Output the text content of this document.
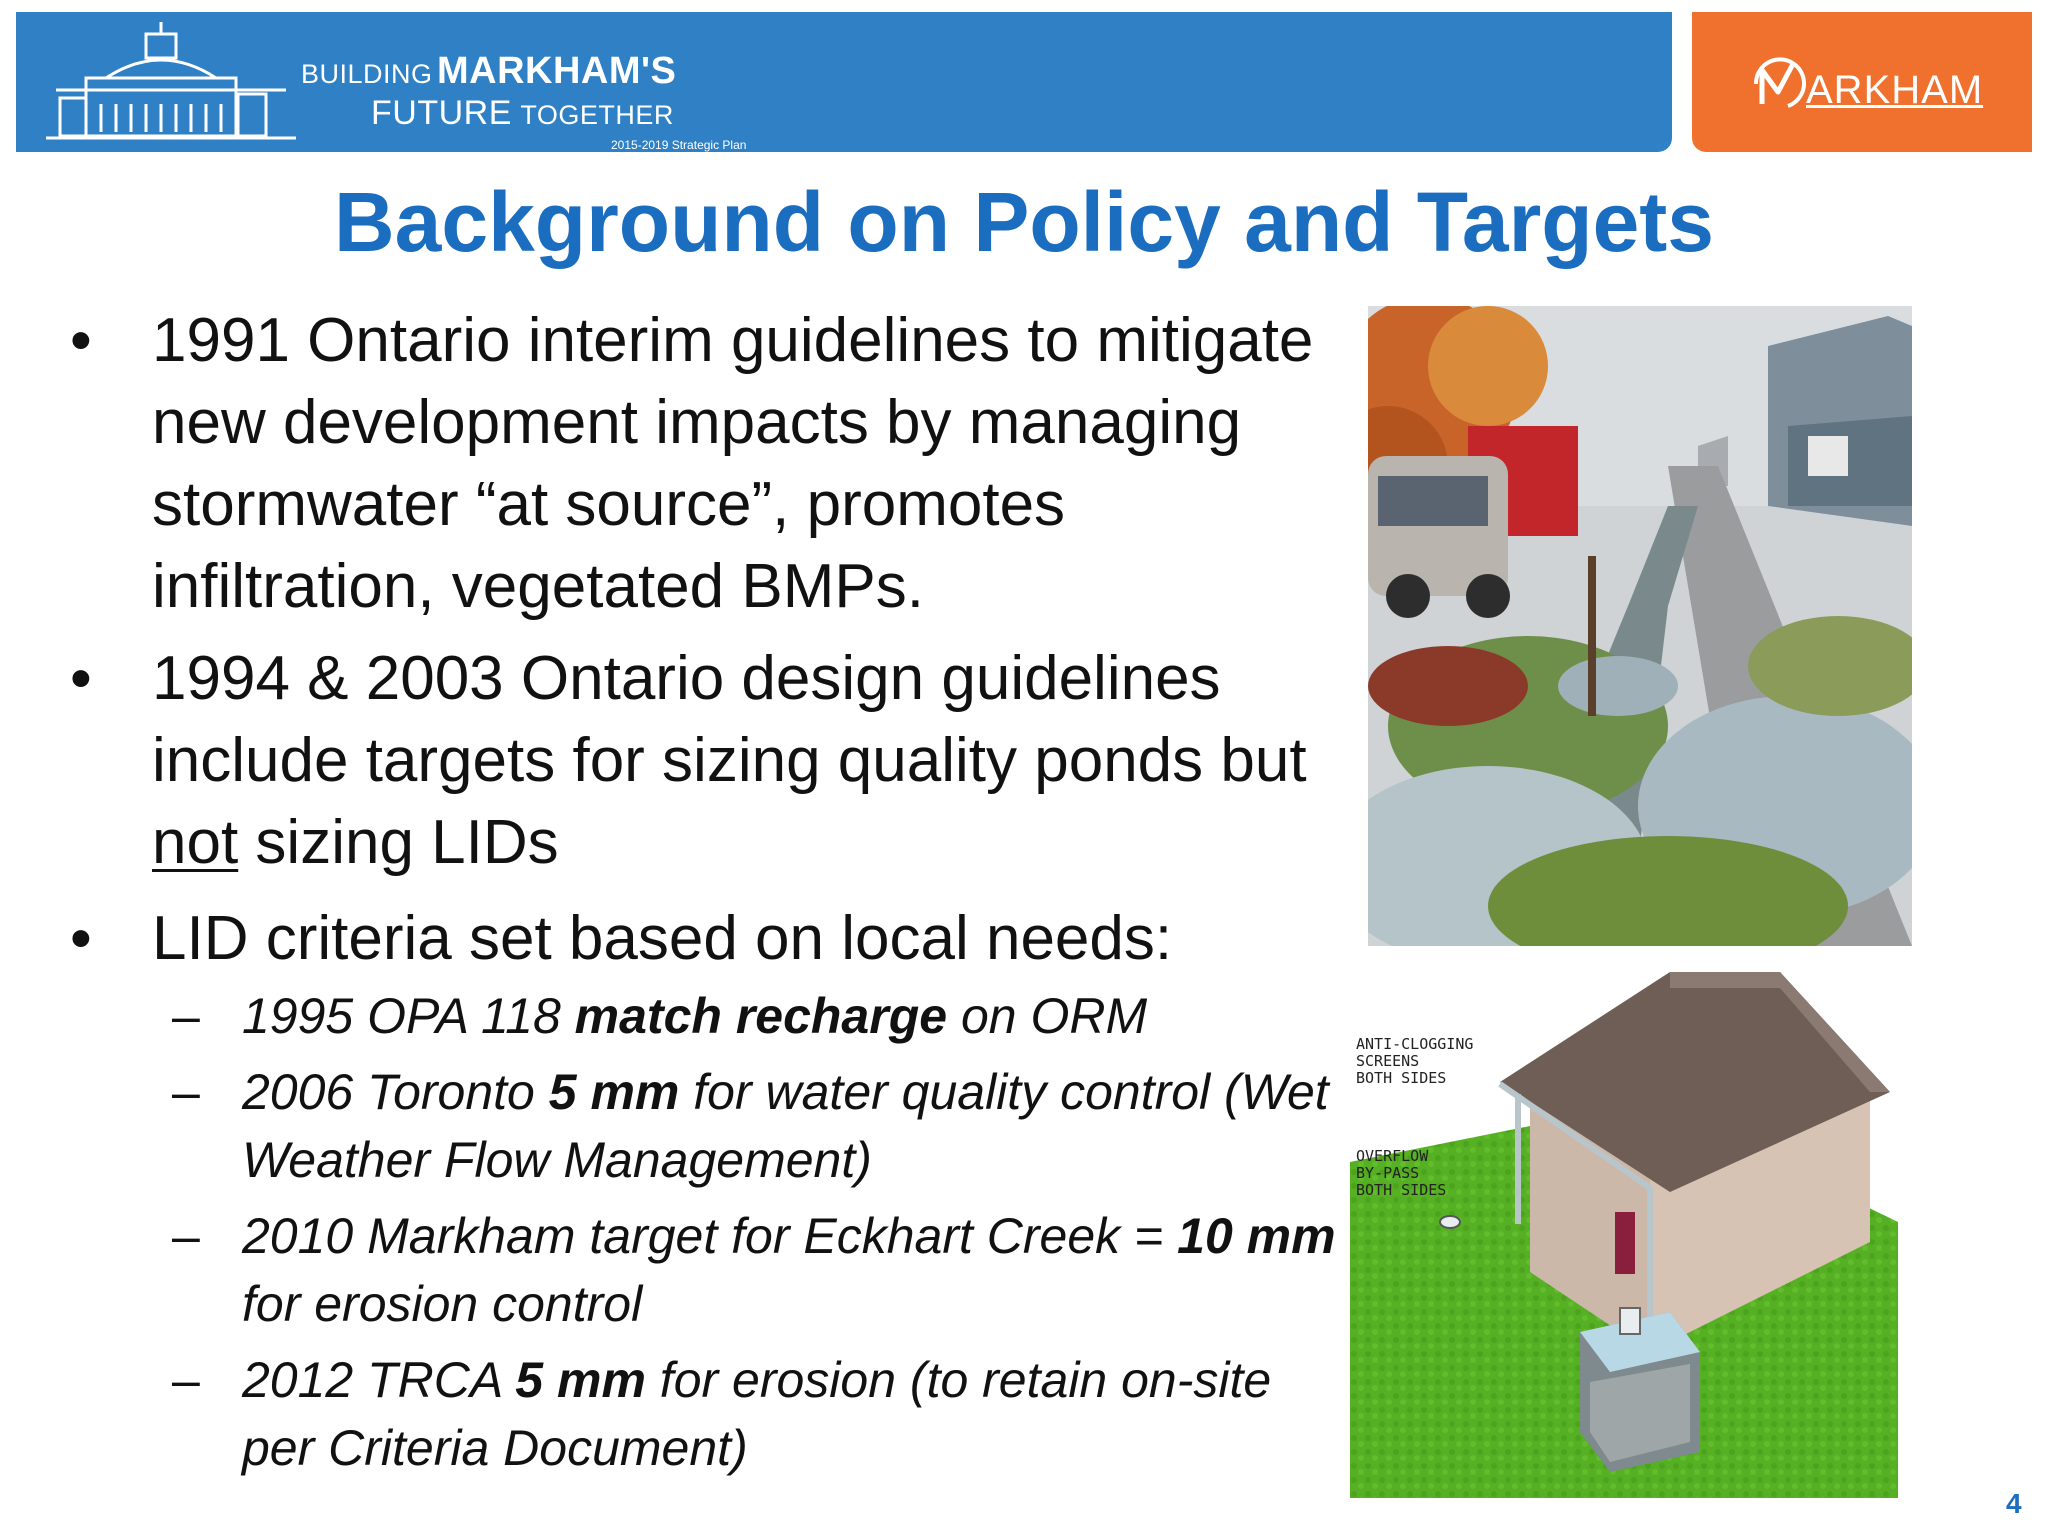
BUILDING MARKHAM'S
FUTURE TOGETHER
2015-2019 Strategic Plan
ARKHAM
Background on Policy and Targets
• 1991 Ontario interim guidelines to mitigate new development impacts by managing stormwater “at source”, promotes infiltration, vegetated BMPs.
• 1994 & 2003 Ontario design guidelines include targets for sizing quality ponds but not sizing LIDs
• LID criteria set based on local needs:
– 1995 OPA 118 match recharge on ORM
– 2006 Toronto 5 mm for water quality control (Wet Weather Flow Management)
– 2010 Markham target for Eckhart Creek = 10 mm for erosion control
– 2012 TRCA 5 mm for erosion (to retain on-site per Criteria Document)
ANTI-CLOGGING
SCREENS
BOTH SIDES
OVERFLOW
BY-PASS
BOTH SIDES
4
